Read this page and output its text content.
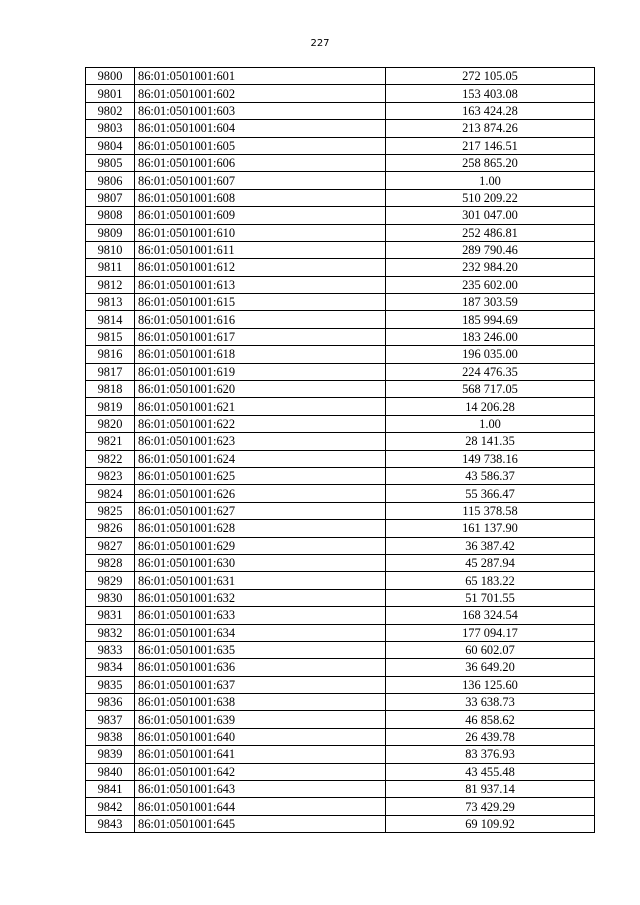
227
9800	86:01:0501001:601	272 105.05
9801	86:01:0501001:602	153 403.08
9802	86:01:0501001:603	163 424.28
9803	86:01:0501001:604	213 874.26
9804	86:01:0501001:605	217 146.51
9805	86:01:0501001:606	258 865.20
9806	86:01:0501001:607	1.00
9807	86:01:0501001:608	510 209.22
9808	86:01:0501001:609	301 047.00
9809	86:01:0501001:610	252 486.81
9810	86:01:0501001:611	289 790.46
9811	86:01:0501001:612	232 984.20
9812	86:01:0501001:613	235 602.00
9813	86:01:0501001:615	187 303.59
9814	86:01:0501001:616	185 994.69
9815	86:01:0501001:617	183 246.00
9816	86:01:0501001:618	196 035.00
9817	86:01:0501001:619	224 476.35
9818	86:01:0501001:620	568 717.05
9819	86:01:0501001:621	14 206.28
9820	86:01:0501001:622	1.00
9821	86:01:0501001:623	28 141.35
9822	86:01:0501001:624	149 738.16
9823	86:01:0501001:625	43 586.37
9824	86:01:0501001:626	55 366.47
9825	86:01:0501001:627	115 378.58
9826	86:01:0501001:628	161 137.90
9827	86:01:0501001:629	36 387.42
9828	86:01:0501001:630	45 287.94
9829	86:01:0501001:631	65 183.22
9830	86:01:0501001:632	51 701.55
9831	86:01:0501001:633	168 324.54
9832	86:01:0501001:634	177 094.17
9833	86:01:0501001:635	60 602.07
9834	86:01:0501001:636	36 649.20
9835	86:01:0501001:637	136 125.60
9836	86:01:0501001:638	33 638.73
9837	86:01:0501001:639	46 858.62
9838	86:01:0501001:640	26 439.78
9839	86:01:0501001:641	83 376.93
9840	86:01:0501001:642	43 455.48
9841	86:01:0501001:643	81 937.14
9842	86:01:0501001:644	73 429.29
9843	86:01:0501001:645	69 109.92
